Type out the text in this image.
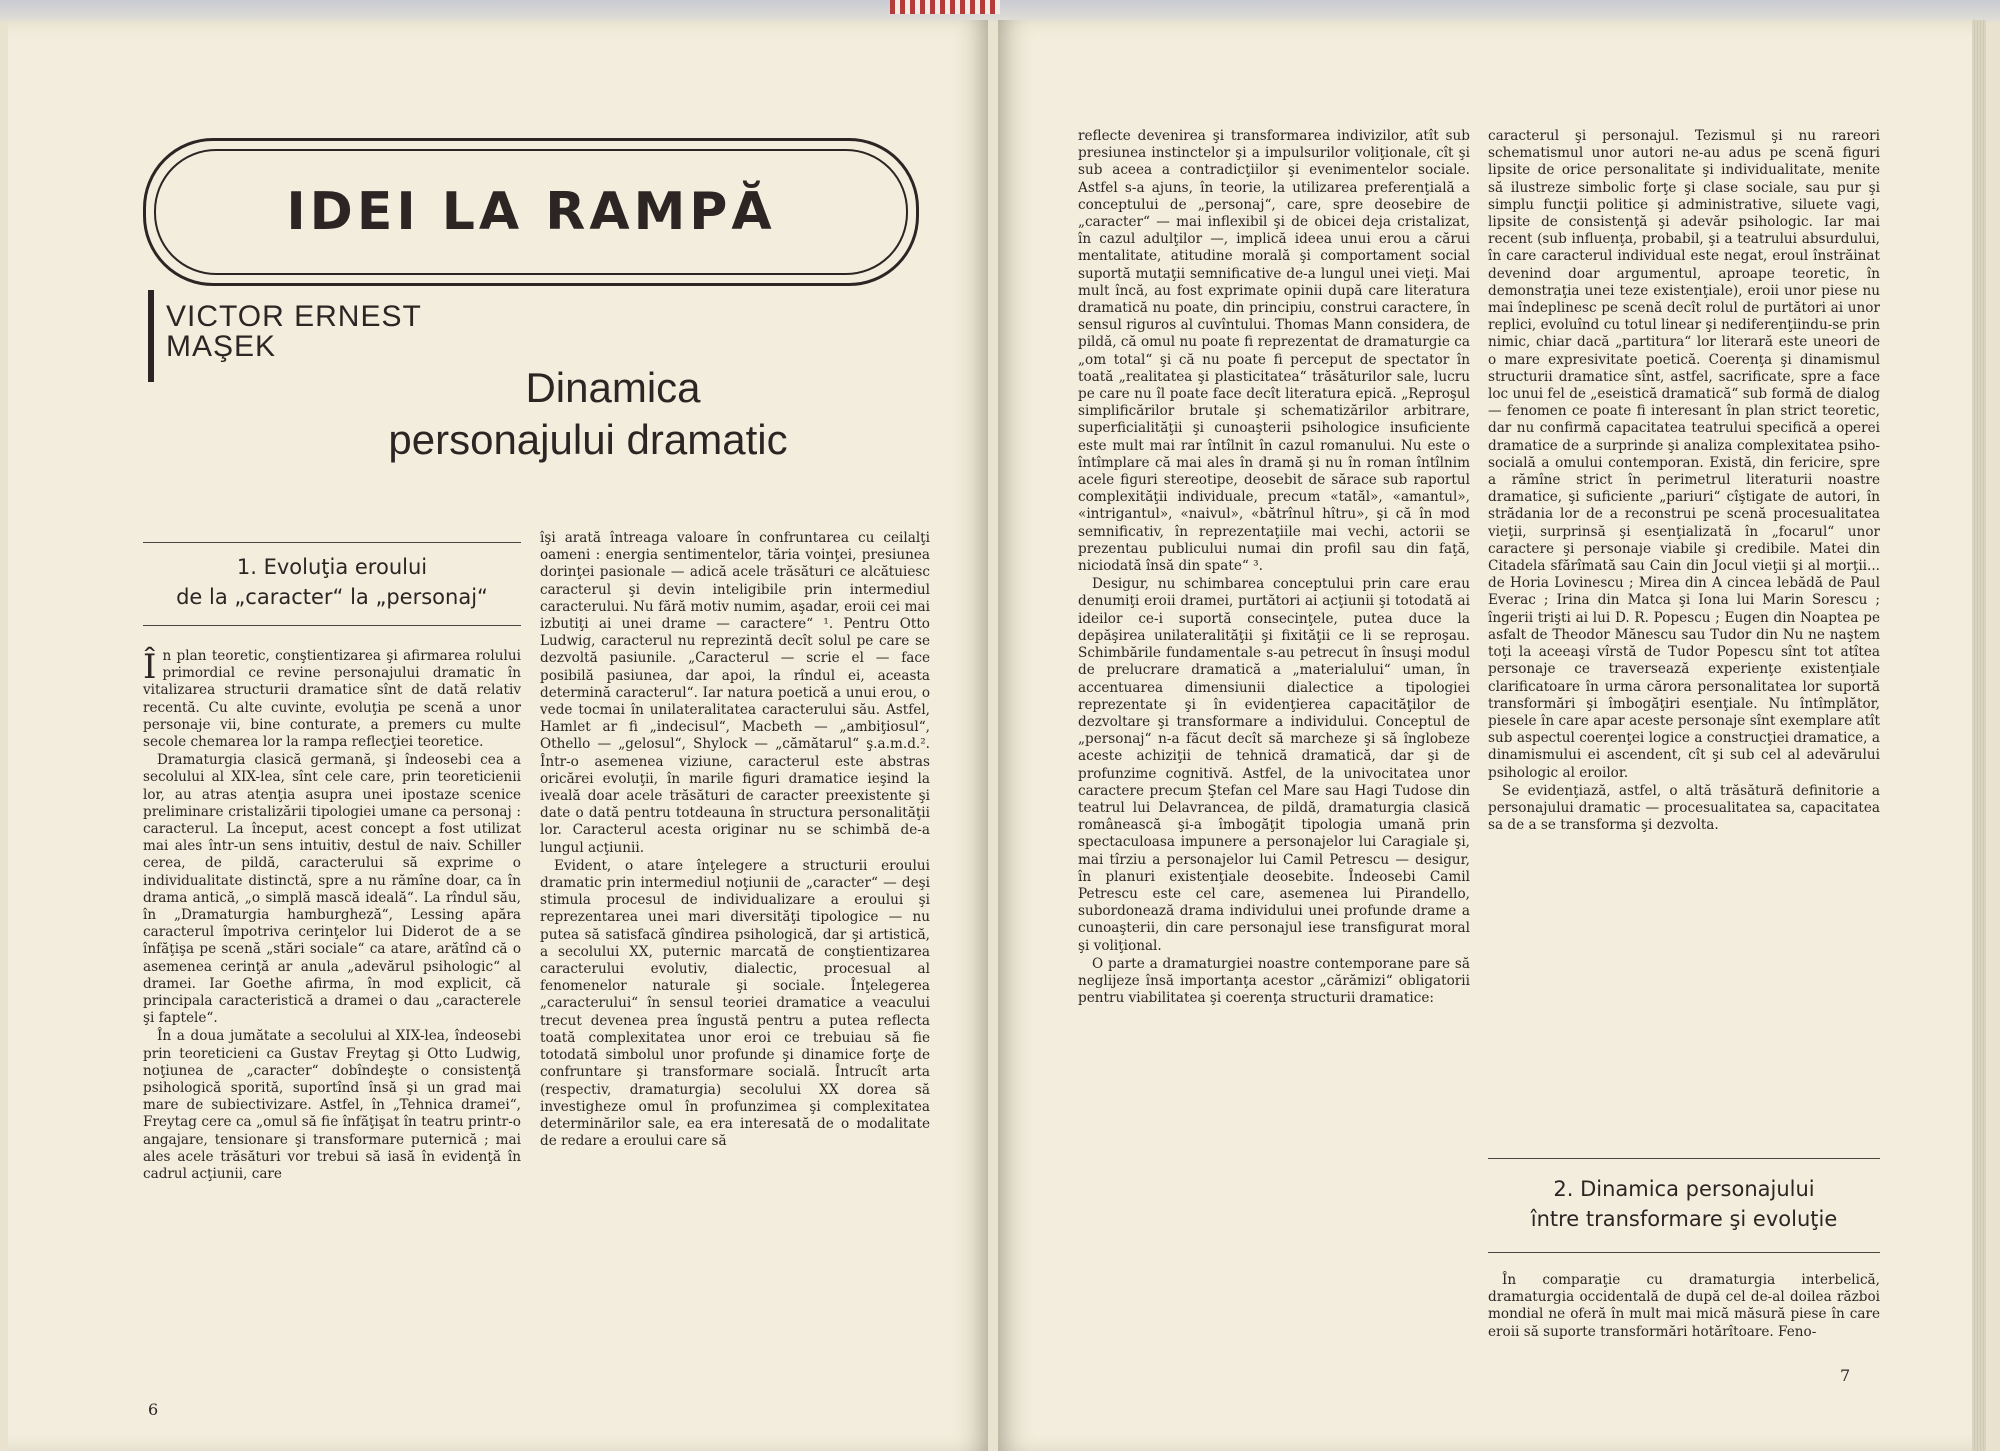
IDEI LA RAMPĂ
VICTOR ERNEST
MAŞEK
Dinamica
personajului dramatic
1. Evoluţia eroului
de la „caracter“ la „personaj“

În plan teoretic, conştientizarea şi afirmarea rolului primordial ce revine personajului dramatic în vitalizarea structurii dramatice sînt de dată relativ recentă. Cu alte cuvinte, evoluţia pe scenă a unor personaje vii, bine conturate, a premers cu multe secole chemarea lor la rampa reflecţiei teoretice.

Dramaturgia clasică germană, şi îndeosebi cea a secolului al XIX-lea, sînt cele care, prin teoreticienii lor, au atras atenţia asupra unei ipostaze scenice preliminare cristalizării tipologiei umane ca personaj : caracterul. La început, acest concept a fost utilizat mai ales într-un sens intuitiv, destul de naiv. Schiller cerea, de pildă, caracterului să exprime o individualitate distinctă, spre a nu rămîne doar, ca în drama antică, „o simplă mască ideală“. La rîndul său, în „Dramaturgia hamburgheză“, Lessing apăra caracterul împotriva cerinţelor lui Diderot de a se înfăţişa pe scenă „stări sociale“ ca atare, arătînd că o asemenea cerinţă ar anula „adevărul psihologic“ al dramei. Iar Goethe afirma, în mod explicit, că principala caracteristică a dramei o dau „caracterele şi faptele“.

În a doua jumătate a secolului al XIX-lea, îndeosebi prin teoreticieni ca Gustav Freytag şi Otto Ludwig, noţiunea de „caracter“ dobîndeşte o consistenţă psihologică sporită, suportînd însă şi un grad mai mare de subiectivizare. Astfel, în „Tehnica dramei“, Freytag cere ca „omul să fie înfăţişat în teatru printr-o angajare, tensionare şi transformare puternică ; mai ales acele trăsături vor trebui să iasă în evidenţă în cadrul acţiunii, care

îşi arată întreaga valoare în confruntarea cu ceilalţi oameni : energia sentimentelor, tăria voinţei, presiunea dorinţei pasionale — adică acele trăsături ce alcătuiesc caracterul şi devin inteligibile prin intermediul caracterului. Nu fără motiv numim, aşadar, eroii cei mai izbutiţi ai unei drame — caractere“ ¹. Pentru Otto Ludwig, caracterul nu reprezintă decît solul pe care se dezvoltă pasiunile. „Caracterul — scrie el — face posibilă pasiunea, dar apoi, la rîndul ei, aceasta determină caracterul“. Iar natura poetică a unui erou, o vede tocmai în unilateralitatea caracterului său. Astfel, Hamlet ar fi „indecisul“, Macbeth — „ambiţiosul“, Othello — „gelosul“, Shylock — „cămătarul“ ş.a.m.d.². Într-o asemenea viziune, caracterul este abstras oricărei evoluţii, în marile figuri dramatice ieşind la iveală doar acele trăsături de caracter preexistente şi date o dată pentru totdeauna în structura personalităţii lor. Caracterul acesta originar nu se schimbă de-a lungul acţiunii.

Evident, o atare înţelegere a structurii eroului dramatic prin intermediul noţiunii de „caracter“ — deşi stimula procesul de individualizare a eroului şi reprezentarea unei mari diversităţi tipologice — nu putea să satisfacă gîndirea psihologică, dar şi artistică, a secolului XX, puternic marcată de conştientizarea caracterului evolutiv, dialectic, procesual al fenomenelor naturale şi sociale. Înţelegerea „caracterului“ în sensul teoriei dramatice a veacului trecut devenea prea îngustă pentru a putea reflecta toată complexitatea unor eroi ce trebuiau să fie totodată simbolul unor profunde şi dinamice forţe de confruntare şi transformare socială. Întrucît arta (respectiv, dramaturgia) secolului XX dorea să investigheze omul în profunzimea şi complexitatea determinărilor sale, ea era interesată de o modalitate de redare a eroului care să

6

reflecte devenirea şi transformarea indivizilor, atît sub presiunea instinctelor şi a impulsurilor voliţionale, cît şi sub aceea a contradicţiilor şi evenimentelor sociale. Astfel s-a ajuns, în teorie, la utilizarea preferenţială a conceptului de „personaj“, care, spre deosebire de „caracter“ — mai inflexibil şi de obicei deja cristalizat, în cazul adulţilor —, implică ideea unui erou a cărui mentalitate, atitudine morală şi comportament social suportă mutaţii semnificative de-a lungul unei vieţi. Mai mult încă, au fost exprimate opinii după care literatura dramatică nu poate, din principiu, construi caractere, în sensul riguros al cuvîntului. Thomas Mann considera, de pildă, că omul nu poate fi reprezentat de dramaturgie ca „om total“ şi că nu poate fi perceput de spectator în toată „realitatea şi plasticitatea“ trăsăturilor sale, lucru pe care nu îl poate face decît literatura epică. „Reproşul simplificărilor brutale şi schematizărilor arbitrare, superficialităţii şi cunoaşterii psihologice insuficiente este mult mai rar întîlnit în cazul romanului. Nu este o întîmplare că mai ales în dramă şi nu în roman întîlnim acele figuri stereotipe, deosebit de sărace sub raportul complexităţii individuale, precum «tatăl», «amantul», «intrigantul», «naivul», «bătrînul hîtru», şi că în mod semnificativ, în reprezentaţiile mai vechi, actorii se prezentau publicului numai din profil sau din faţă, niciodată însă din spate“ ³.

Desigur, nu schimbarea conceptului prin care erau denumiţi eroii dramei, purtători ai acţiunii şi totodată ai ideilor ce-i suportă consecinţele, putea duce la depăşirea unilateralităţii şi fixităţii ce li se reproşau. Schimbările fundamentale s-au petrecut în însuşi modul de prelucrare dramatică a „materialului“ uman, în accentuarea dimensiunii dialectice a tipologiei reprezentate şi în evidenţierea capacităţilor de dezvoltare şi transformare a individului. Conceptul de „personaj“ n-a făcut decît să marcheze şi să înglobeze aceste achiziţii de tehnică dramatică, dar şi de profunzime cognitivă. Astfel, de la univocitatea unor caractere precum Ştefan cel Mare sau Hagi Tudose din teatrul lui Delavrancea, de pildă, dramaturgia clasică românească şi-a îmbogăţit tipologia umană prin spectaculoasa impunere a personajelor lui Caragiale şi, mai tîrziu a personajelor lui Camil Petrescu — desigur, în planuri existenţiale deosebite. Îndeosebi Camil Petrescu este cel care, asemenea lui Pirandello, subordonează drama individului unei profunde drame a cunoaşterii, din care personajul iese transfigurat moral şi voliţional.

O parte a dramaturgiei noastre contemporane pare să neglijeze însă importanţa acestor „cărămizi“ obligatorii pentru viabilitatea şi coerenţa structurii dramatice:

caracterul şi personajul. Tezismul şi nu rareori schematismul unor autori ne-au adus pe scenă figuri lipsite de orice personalitate şi individualitate, menite să ilustreze simbolic forţe şi clase sociale, sau pur şi simplu funcţii politice şi administrative, siluete vagi, lipsite de consistenţă şi adevăr psihologic. Iar mai recent (sub influenţa, probabil, şi a teatrului absurdului, în care caracterul individual este negat, eroul înstrăinat devenind doar argumentul, aproape teoretic, în demonstraţia unei teze existenţiale), eroii unor piese nu mai îndeplinesc pe scenă decît rolul de purtători ai unor replici, evoluînd cu totul linear şi nediferenţiindu-se prin nimic, chiar dacă „partitura“ lor literară este uneori de o mare expresivitate poetică. Coerenţa şi dinamismul structurii dramatice sînt, astfel, sacrificate, spre a face loc unui fel de „eseistică dramatică“ sub formă de dialog — fenomen ce poate fi interesant în plan strict teoretic, dar nu confirmă capacitatea teatrului specifică a operei dramatice de a surprinde şi analiza complexitatea psiho-socială a omului contemporan. Există, din fericire, spre a rămîne strict în perimetrul literaturii noastre dramatice, şi suficiente „pariuri“ cîştigate de autori, în strădania lor de a reconstrui pe scenă procesualitatea vieţii, surprinsă şi esenţializată în „focarul“ unor caractere şi personaje viabile şi credibile. Matei din Citadela sfărîmată sau Cain din Jocul vieţii şi al morţii... de Horia Lovinescu ; Mirea din A cincea lebădă de Paul Everac ; Irina din Matca şi Iona lui Marin Sorescu ; îngerii trişti ai lui D. R. Popescu ; Eugen din Noaptea pe asfalt de Theodor Mănescu sau Tudor din Nu ne naştem toţi la aceeaşi vîrstă de Tudor Popescu sînt tot atîtea personaje ce traversează experienţe existenţiale clarificatoare în urma cărora personalitatea lor suportă transformări şi îmbogăţiri esenţiale. Nu întîmplător, piesele în care apar aceste personaje sînt exemplare atît sub aspectul coerenţei logice a construcţiei dramatice, a dinamismului ei ascendent, cît şi sub cel al adevărului psihologic al eroilor.

Se evidenţiază, astfel, o altă trăsătură definitorie a personajului dramatic — procesualitatea sa, capacitatea sa de a se transforma şi dezvolta.

2. Dinamica personajului
între transformare şi evoluţie

În comparaţie cu dramaturgia interbelică, dramaturgia occidentală de după cel de-al doilea război mondial ne oferă în mult mai mică măsură piese în care eroii să suporte transformări hotărîtoare. Feno-

7
